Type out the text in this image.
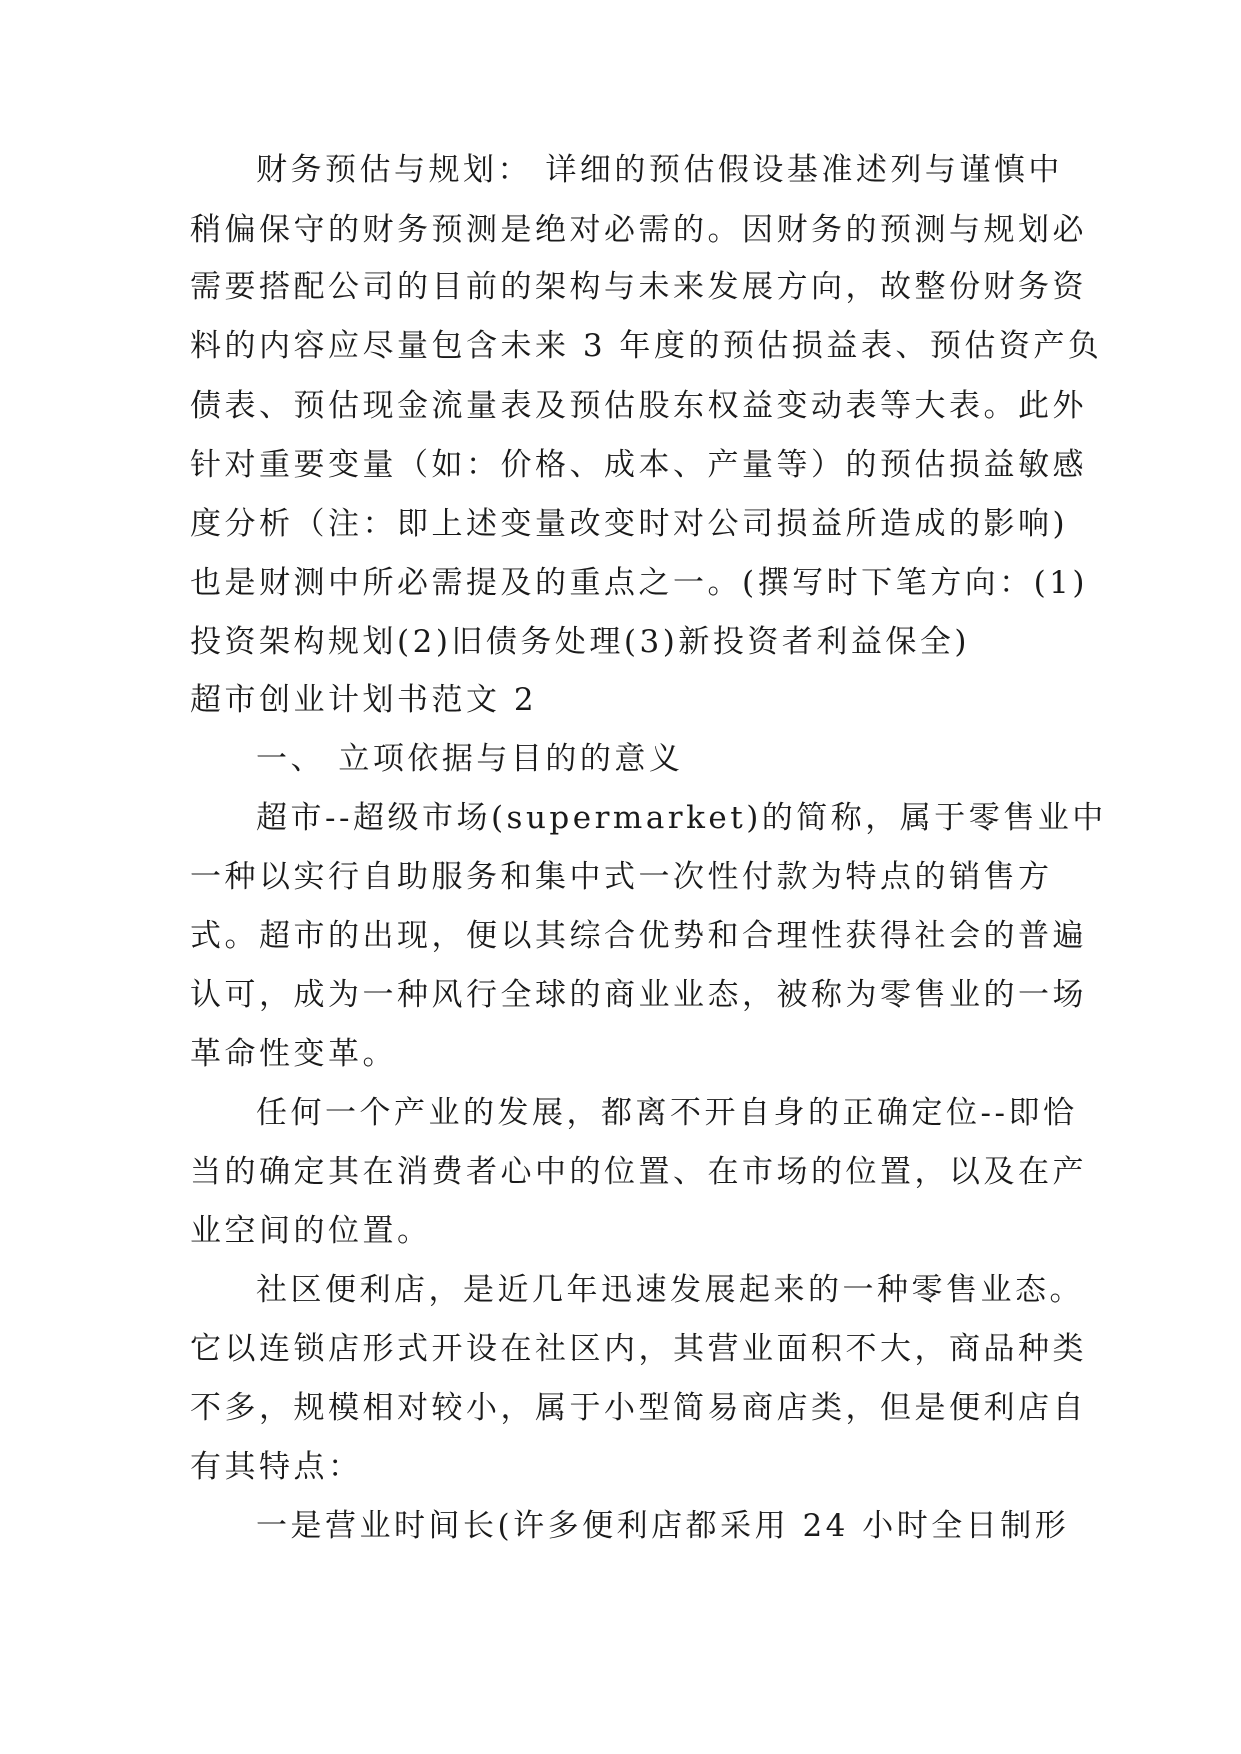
财务预估与规划： 详细的预估假设基准述列与谨慎中
稍偏保守的财务预测是绝对必需的。因财务的预测与规划必
需要搭配公司的目前的架构与未来发展方向，故整份财务资
料的内容应尽量包含未来 3 年度的预估损益表、预估资产负
债表、预估现金流量表及预估股东权益变动表等大表。此外
针对重要变量（如：价格、成本、产量等）的预估损益敏感
度分析（注：即上述变量改变时对公司损益所造成的影响)
也是财测中所必需提及的重点之一。(撰写时下笔方向：(1)
投资架构规划(2)旧债务处理(3)新投资者利益保全)
超市创业计划书范文 2
一、 立项依据与目的的意义
超市--超级市场(supermarket)的简称，属于零售业中
一种以实行自助服务和集中式一次性付款为特点的销售方
式。超市的出现，便以其综合优势和合理性获得社会的普遍
认可，成为一种风行全球的商业业态，被称为零售业的一场
革命性变革。
任何一个产业的发展，都离不开自身的正确定位--即恰
当的确定其在消费者心中的位置、在市场的位置，以及在产
业空间的位置。
社区便利店，是近几年迅速发展起来的一种零售业态。
它以连锁店形式开设在社区内，其营业面积不大，商品种类
不多，规模相对较小，属于小型简易商店类，但是便利店自
有其特点：
一是营业时间长(许多便利店都采用 24 小时全日制形
